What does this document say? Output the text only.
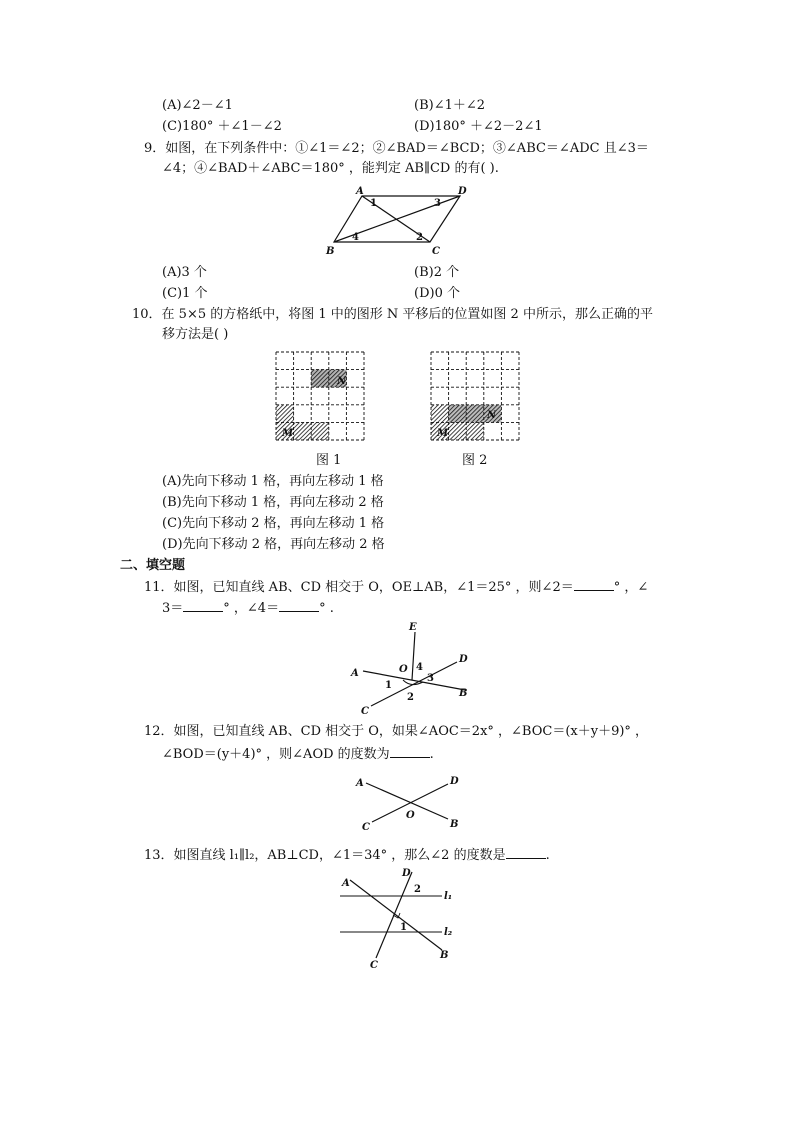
(A)∠2－∠1	(B)∠1＋∠2
(C)180° ＋∠1－∠2	(D)180° ＋∠2－2∠1
9．如图，在下列条件中：①∠1＝∠2；②∠BAD＝∠BCD；③∠ABC＝∠ADC 且∠3＝
∠4；④∠BAD＋∠ABC＝180° ，能判定 AB∥CD 的有( ).
A	D
B	C
1
2
3
4
(A)3 个	(B)2 个
(C)1 个	(D)0 个
10．在 5×5 的方格纸中，将图 1 中的图形 N 平移后的位置如图 2 中所示，那么正确的平
移方法是( )
N
M
图 1
N
M
图 2
(A)先向下移动 1 格，再向左移动 1 格
(B)先向下移动 1 格，再向左移动 2 格
(C)先向下移动 2 格，再向左移动 1 格
(D)先向下移动 2 格，再向左移动 2 格
二、填空题
11．如图，已知直线 AB、CD 相交于 O，OE⊥AB，∠1＝25° ，则∠2＝	° ，∠
3＝	° ，∠4＝	° .
E
D
A
B
C
O
1
2
3
4
12．如图，已知直线 AB、CD 相交于 O，如果∠AOC＝2x° ，∠BOC＝(x＋y＋9)° ，
∠BOD＝(y＋4)° ，则∠AOD 的度数为	.
A	D
O
C	B
13．如图直线 l₁∥l₂，AB⊥CD，∠1＝34° ，那么∠2 的度数是	.
A
D
2
l₁
1	l₂
C
B
